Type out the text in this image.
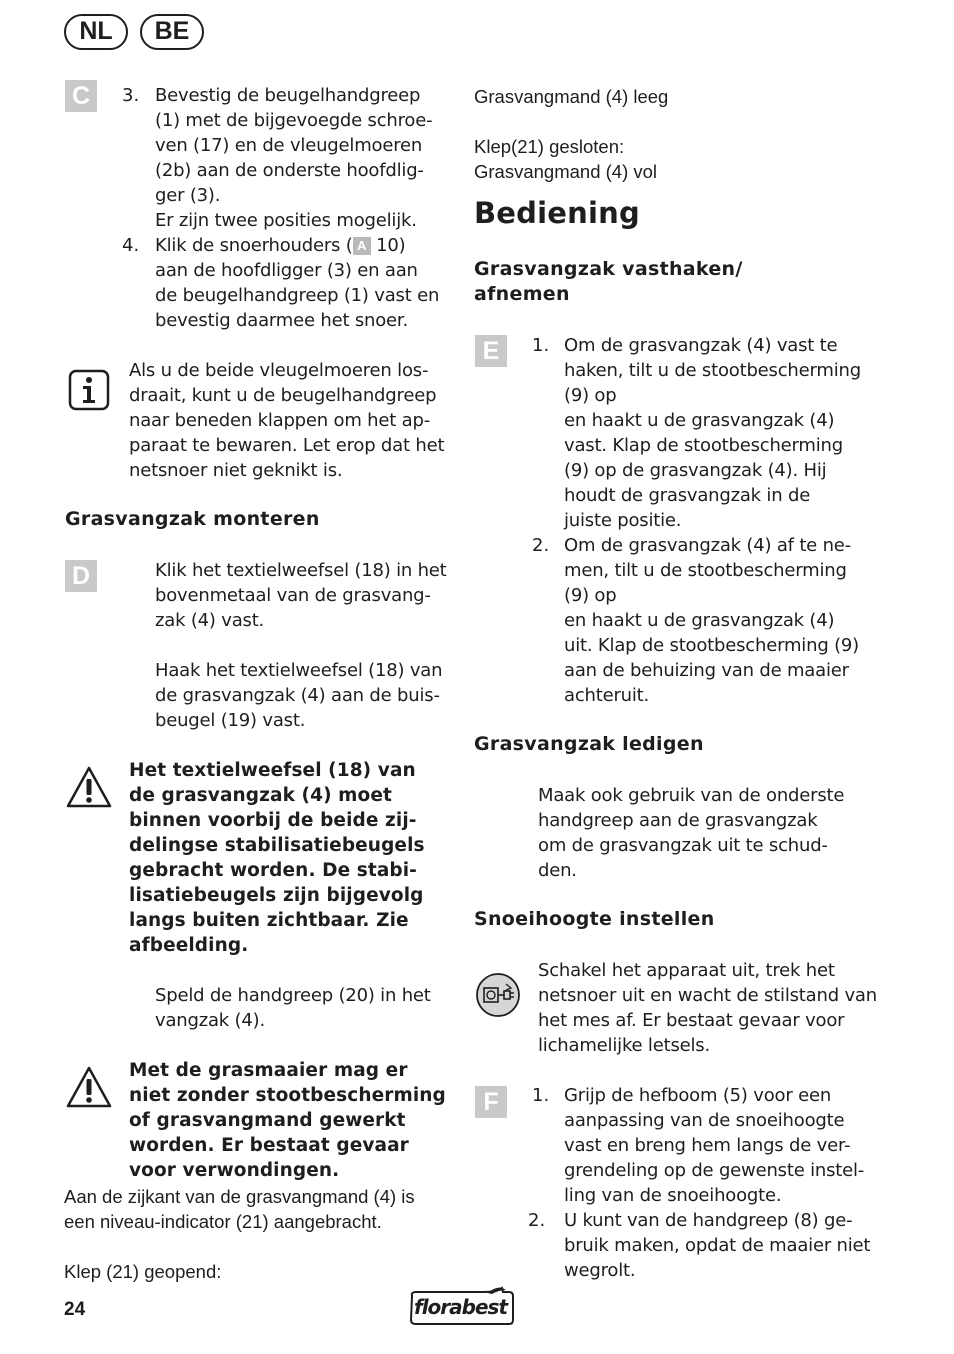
NL	BE
C	3. Bevestig de beugelhandgreep
(1) met de bijgevoegde schroe-
ven (17) en de vleugelmoeren
(2b) aan de onderste hoofdlig-
ger (3).
Er zijn twee posities mogelijk.
4. Klik de snoerhouders ( A 10)
aan de hoofdligger (3) en aan
de beugelhandgreep (1) vast en
bevestig daarmee het snoer.
Als u de beide vleugelmoeren los-
draait, kunt u de beugelhandgreep
naar beneden klappen om het ap-
paraat te bewaren. Let erop dat het
netsnoer niet geknikt is.
Grasvangzak monteren
D	Klik het textielweefsel (18) in het
bovenmetaal van de grasvang-
zak (4) vast.
Haak het textielweefsel (18) van
de grasvangzak (4) aan de buis-
beugel (19) vast.
Het textielweefsel (18) van
de grasvangzak (4) moet
binnen voorbij de beide zij-
delingse stabilisatiebeugels
gebracht worden. De stabi-
lisatiebeugels zijn bijgevolg
langs buiten zichtbaar. Zie
afbeelding.
Speld de handgreep (20) in het
vangzak (4).
Met de grasmaaier mag er
niet zonder stootbescherming
of grasvangmand gewerkt
worden. Er bestaat gevaar
voor verwondingen.
Aan de zijkant van de grasvangmand (4) is
een niveau-indicator (21) aangebracht.
Klep (21) geopend:
Grasvangmand (4) leeg
Klep(21) gesloten:
Grasvangmand (4) vol
Bediening
Grasvangzak vasthaken/
afnemen
E	1. Om de grasvangzak (4) vast te
haken, tilt u de stootbescherming
(9) op
en haakt u de grasvangzak (4)
vast. Klap de stootbescherming
(9) op de grasvangzak (4). Hij
houdt de grasvangzak in de
juiste positie.
2. Om de grasvangzak (4) af te ne-
men, tilt u de stootbescherming
(9) op
en haakt u de grasvangzak (4)
uit. Klap de stootbescherming (9)
aan de behuizing van de maaier
achteruit.
Grasvangzak ledigen
Maak ook gebruik van de onderste
handgreep aan de grasvangzak
om de grasvangzak uit te schud-
den.
Snoeihoogte instellen
Schakel het apparaat uit, trek het
netsnoer uit en wacht de stilstand van
het mes af. Er bestaat gevaar voor
lichamelijke letsels.
F	1. Grijp de hefboom (5) voor een
aanpassing van de snoeihoogte
vast en breng hem langs de ver-
grendeling op de gewenste instel-
ling van de snoeihoogte.
2. U kunt van de handgreep (8) ge-
bruik maken, opdat de maaier niet
wegrolt.
24	florabest
